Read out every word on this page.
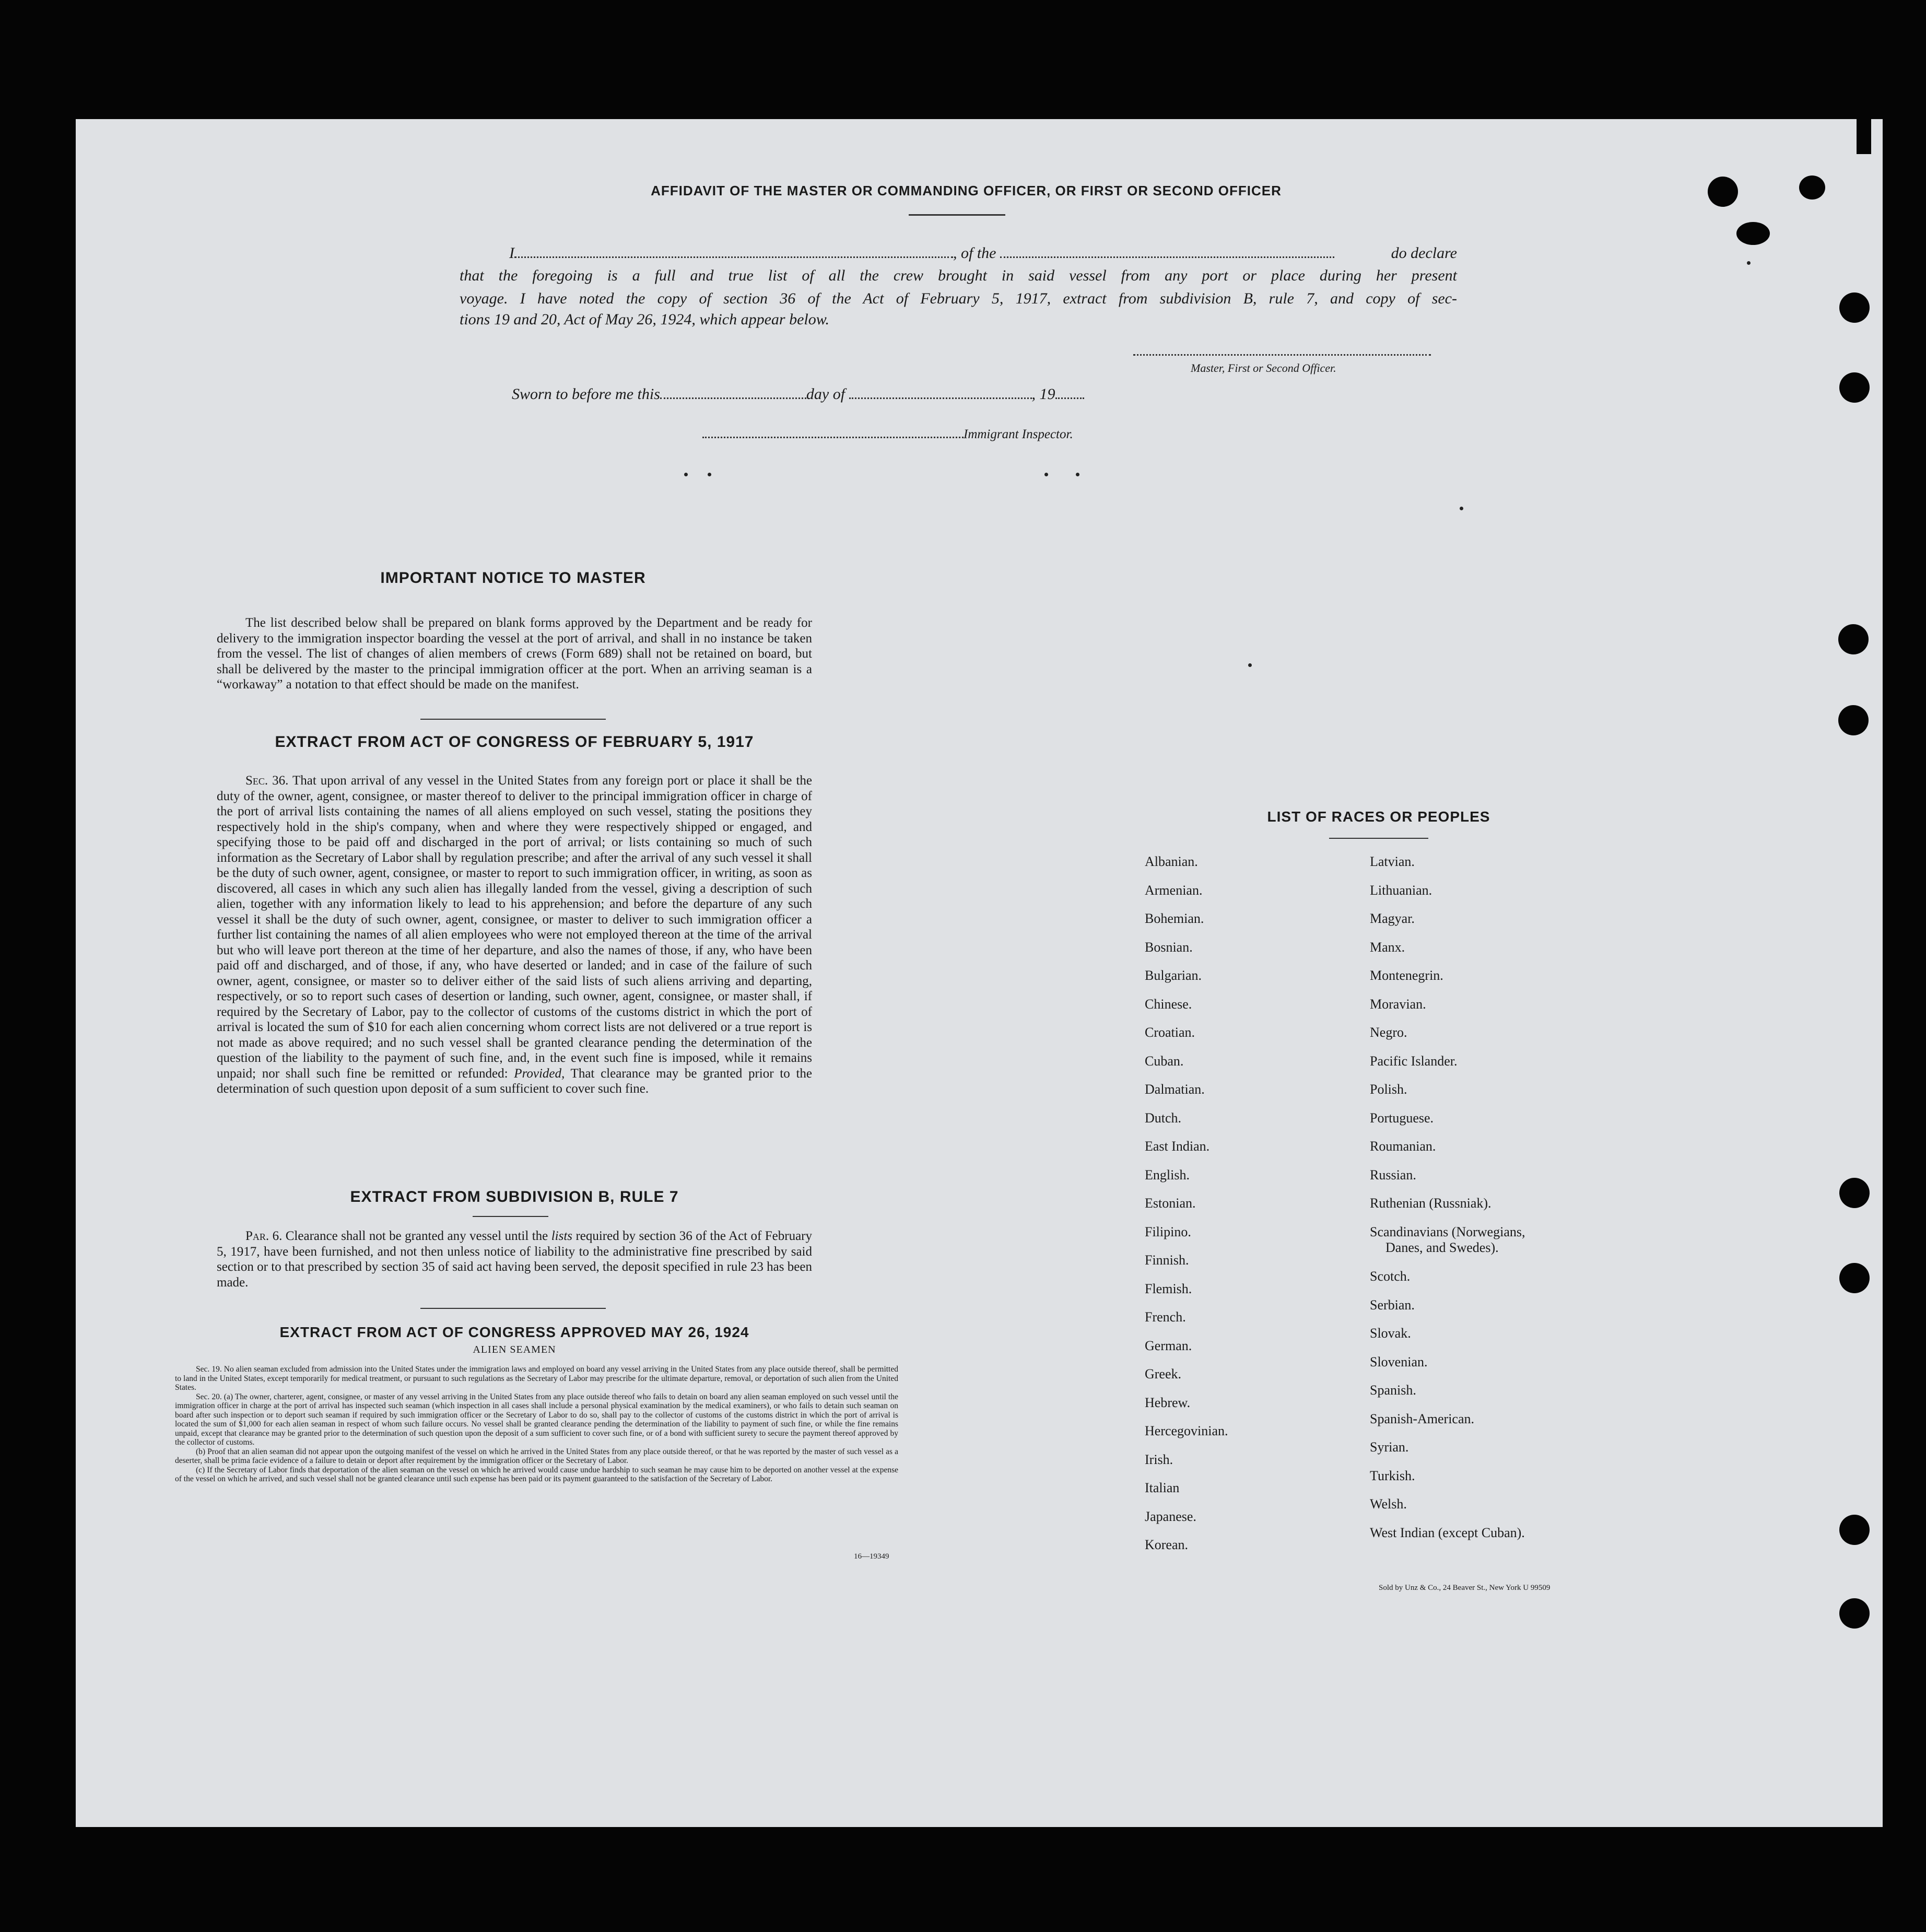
AFFIDAVIT OF THE MASTER OR COMMANDING OFFICER, OR FIRST OR SECOND OFFICER
I	, of the	do declare
that the foregoing is a full and true list of all the crew brought in said vessel from any port or place during her present
voyage. I have noted the copy of section 36 of the Act of February 5, 1917, extract from subdivision B, rule 7, and copy of sec-
tions 19 and 20, Act of May 26, 1924, which appear below.
Master, First or Second Officer.
Sworn to before me this	day of	, 19
Immigrant Inspector.
IMPORTANT NOTICE TO MASTER
The list described below shall be prepared on blank forms approved by the Department and be ready for delivery to the immigration inspector boarding the vessel at the port of arrival, and shall in no instance be taken from the vessel. The list of changes of alien members of crews (Form 689) shall not be retained on board, but shall be delivered by the master to the principal immigration officer at the port. When an arriving seaman is a “workaway” a notation to that effect should be made on the manifest.
EXTRACT FROM ACT OF CONGRESS OF FEBRUARY 5, 1917
Sec. 36. That upon arrival of any vessel in the United States from any foreign port or place it shall be the duty of the owner, agent, consignee, or master thereof to deliver to the principal immigration officer in charge of the port of arrival lists containing the names of all aliens employed on such vessel, stating the positions they respectively hold in the ship's company, when and where they were respectively shipped or engaged, and specifying those to be paid off and discharged in the port of arrival; or lists containing so much of such information as the Secretary of Labor shall by regulation prescribe; and after the arrival of any such vessel it shall be the duty of such owner, agent, consignee, or master to report to such immigration officer, in writing, as soon as discovered, all cases in which any such alien has illegally landed from the vessel, giving a description of such alien, together with any information likely to lead to his apprehension; and before the departure of any such vessel it shall be the duty of such owner, agent, consignee, or master to deliver to such immigration officer a further list containing the names of all alien employees who were not employed thereon at the time of the arrival but who will leave port thereon at the time of her departure, and also the names of those, if any, who have been paid off and discharged, and of those, if any, who have deserted or landed; and in case of the failure of such owner, agent, consignee, or master so to deliver either of the said lists of such aliens arriving and departing, respectively, or so to report such cases of desertion or landing, such owner, agent, consignee, or master shall, if required by the Secretary of Labor, pay to the collector of customs of the customs district in which the port of arrival is located the sum of $10 for each alien concerning whom correct lists are not delivered or a true report is not made as above required; and no such vessel shall be granted clearance pending the determination of the question of the liability to the payment of such fine, and, in the event such fine is imposed, while it remains unpaid; nor shall such fine be remitted or refunded: Provided, That clearance may be granted prior to the determination of such question upon deposit of a sum sufficient to cover such fine.
EXTRACT FROM SUBDIVISION B, RULE 7
Par. 6. Clearance shall not be granted any vessel until the lists required by section 36 of the Act of February 5, 1917, have been furnished, and not then unless notice of liability to the administrative fine prescribed by said section or to that prescribed by section 35 of said act having been served, the deposit specified in rule 23 has been made.
EXTRACT FROM ACT OF CONGRESS APPROVED MAY 26, 1924
ALIEN SEAMEN
Sec. 19. No alien seaman excluded from admission into the United States under the immigration laws and employed on board any vessel arriving in the United States from any place outside thereof, shall be permitted to land in the United States, except temporarily for medical treatment, or pursuant to such regulations as the Secretary of Labor may prescribe for the ultimate departure, removal, or deportation of such alien from the United States.
Sec. 20. (a) The owner, charterer, agent, consignee, or master of any vessel arriving in the United States from any place outside thereof who fails to detain on board any alien seaman employed on such vessel until the immigration officer in charge at the port of arrival has inspected such seaman (which inspection in all cases shall include a personal physical examination by the medical examiners), or who fails to detain such seaman on board after such inspection or to deport such seaman if required by such immigration officer or the Secretary of Labor to do so, shall pay to the collector of customs of the customs district in which the port of arrival is located the sum of $1,000 for each alien seaman in respect of whom such failure occurs. No vessel shall be granted clearance pending the determination of the liability to payment of such fine, or while the fine remains unpaid, except that clearance may be granted prior to the determination of such question upon the deposit of a sum sufficient to cover such fine, or of a bond with sufficient surety to secure the payment thereof approved by the collector of customs.
(b) Proof that an alien seaman did not appear upon the outgoing manifest of the vessel on which he arrived in the United States from any place outside thereof, or that he was reported by the master of such vessel as a deserter, shall be prima facie evidence of a failure to detain or deport after requirement by the immigration officer or the Secretary of Labor.
(c) If the Secretary of Labor finds that deportation of the alien seaman on the vessel on which he arrived would cause undue hardship to such seaman he may cause him to be deported on another vessel at the expense of the vessel on which he arrived, and such vessel shall not be granted clearance until such expense has been paid or its payment guaranteed to the satisfaction of the Secretary of Labor.
16—19349
LIST OF RACES OR PEOPLES
Albanian.
Armenian.
Bohemian.
Bosnian.
Bulgarian.
Chinese.
Croatian.
Cuban.
Dalmatian.
Dutch.
East Indian.
English.
Estonian.
Filipino.
Finnish.
Flemish.
French.
German.
Greek.
Hebrew.
Hercegovinian.
Irish.
Italian
Japanese.
Korean.
Latvian.
Lithuanian.
Magyar.
Manx.
Montenegrin.
Moravian.
Negro.
Pacific Islander.
Polish.
Portuguese.
Roumanian.
Russian.
Ruthenian (Russniak).
Scandinavians (Norwegians,
Danes, and Swedes).
Scotch.
Serbian.
Slovak.
Slovenian.
Spanish.
Spanish-American.
Syrian.
Turkish.
Welsh.
West Indian (except Cuban).
Sold by Unz & Co., 24 Beaver St., New York U 99509
